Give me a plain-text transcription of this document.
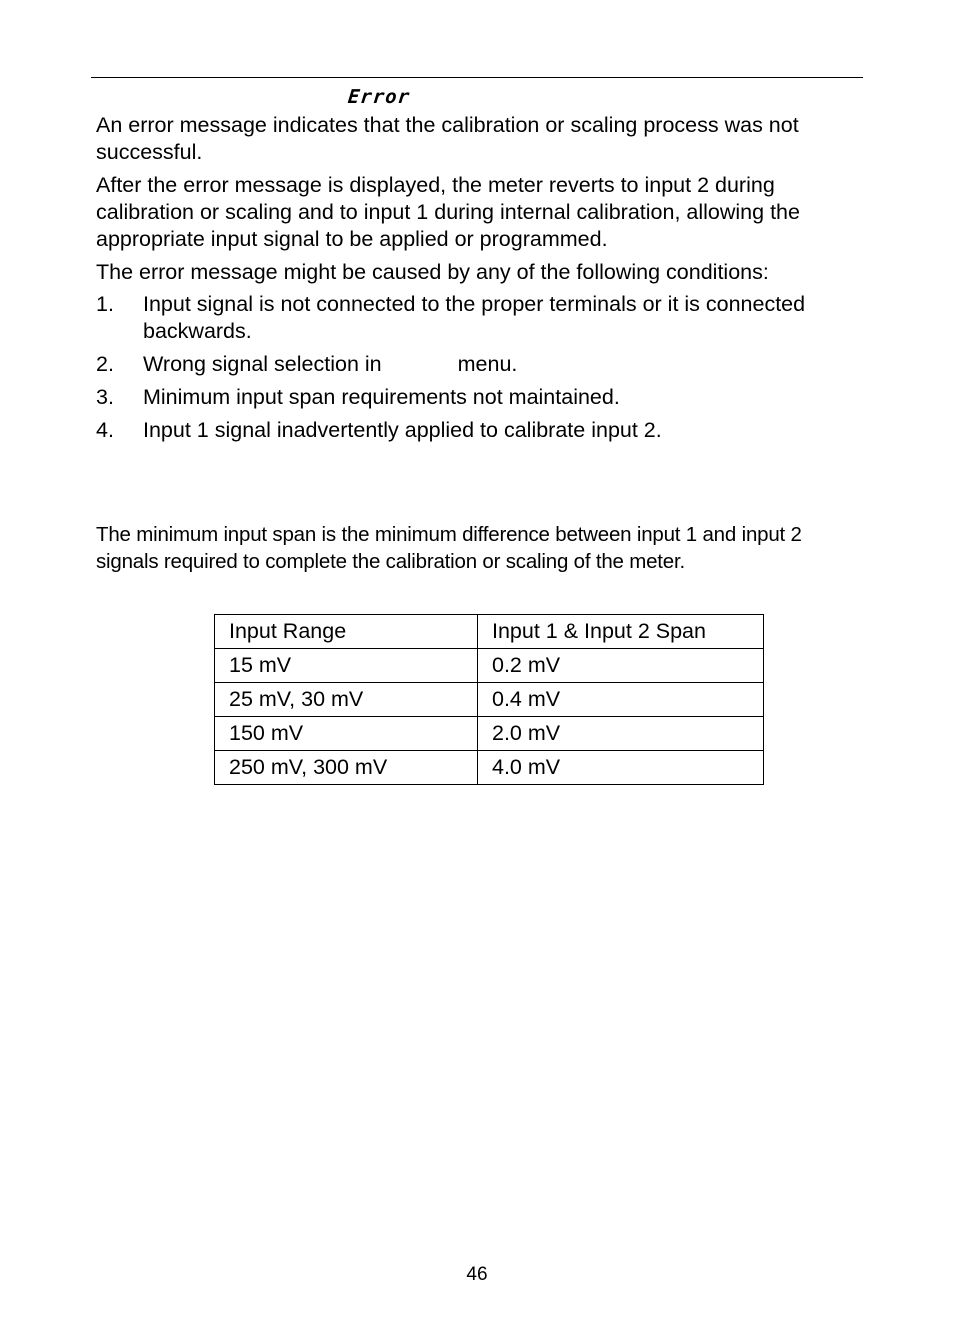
Error

An error message indicates that the calibration or scaling process was not successful.

After the error message is displayed, the meter reverts to input 2 during calibration or scaling and to input 1 during internal calibration, allowing the appropriate input signal to be applied or programmed.

The error message might be caused by any of the following conditions:

1.	Input signal is not connected to the proper terminals or it is connected backwards.
2.	Wrong signal selection in	menu.
3.	Minimum input span requirements not maintained.
4.	Input 1 signal inadvertently applied to calibrate input 2.

The minimum input span is the minimum difference between input 1 and input 2 signals required to complete the calibration or scaling of the meter.

Input Range	Input 1 & Input 2 Span
15 mV	0.2 mV
25 mV, 30 mV	0.4 mV
150 mV	2.0 mV
250 mV, 300 mV	4.0 mV
46
